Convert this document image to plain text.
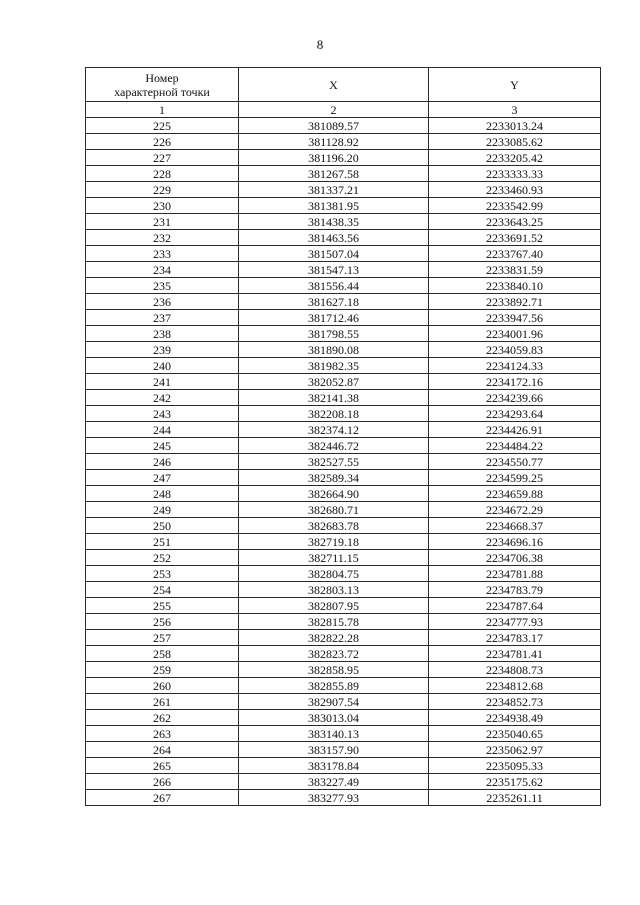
8
Номер
характерной точки	X	Y
1	2	3
225	381089.57	2233013.24
226	381128.92	2233085.62
227	381196.20	2233205.42
228	381267.58	2233333.33
229	381337.21	2233460.93
230	381381.95	2233542.99
231	381438.35	2233643.25
232	381463.56	2233691.52
233	381507.04	2233767.40
234	381547.13	2233831.59
235	381556.44	2233840.10
236	381627.18	2233892.71
237	381712.46	2233947.56
238	381798.55	2234001.96
239	381890.08	2234059.83
240	381982.35	2234124.33
241	382052.87	2234172.16
242	382141.38	2234239.66
243	382208.18	2234293.64
244	382374.12	2234426.91
245	382446.72	2234484.22
246	382527.55	2234550.77
247	382589.34	2234599.25
248	382664.90	2234659.88
249	382680.71	2234672.29
250	382683.78	2234668.37
251	382719.18	2234696.16
252	382711.15	2234706.38
253	382804.75	2234781.88
254	382803.13	2234783.79
255	382807.95	2234787.64
256	382815.78	2234777.93
257	382822.28	2234783.17
258	382823.72	2234781.41
259	382858.95	2234808.73
260	382855.89	2234812.68
261	382907.54	2234852.73
262	383013.04	2234938.49
263	383140.13	2235040.65
264	383157.90	2235062.97
265	383178.84	2235095.33
266	383227.49	2235175.62
267	383277.93	2235261.11
